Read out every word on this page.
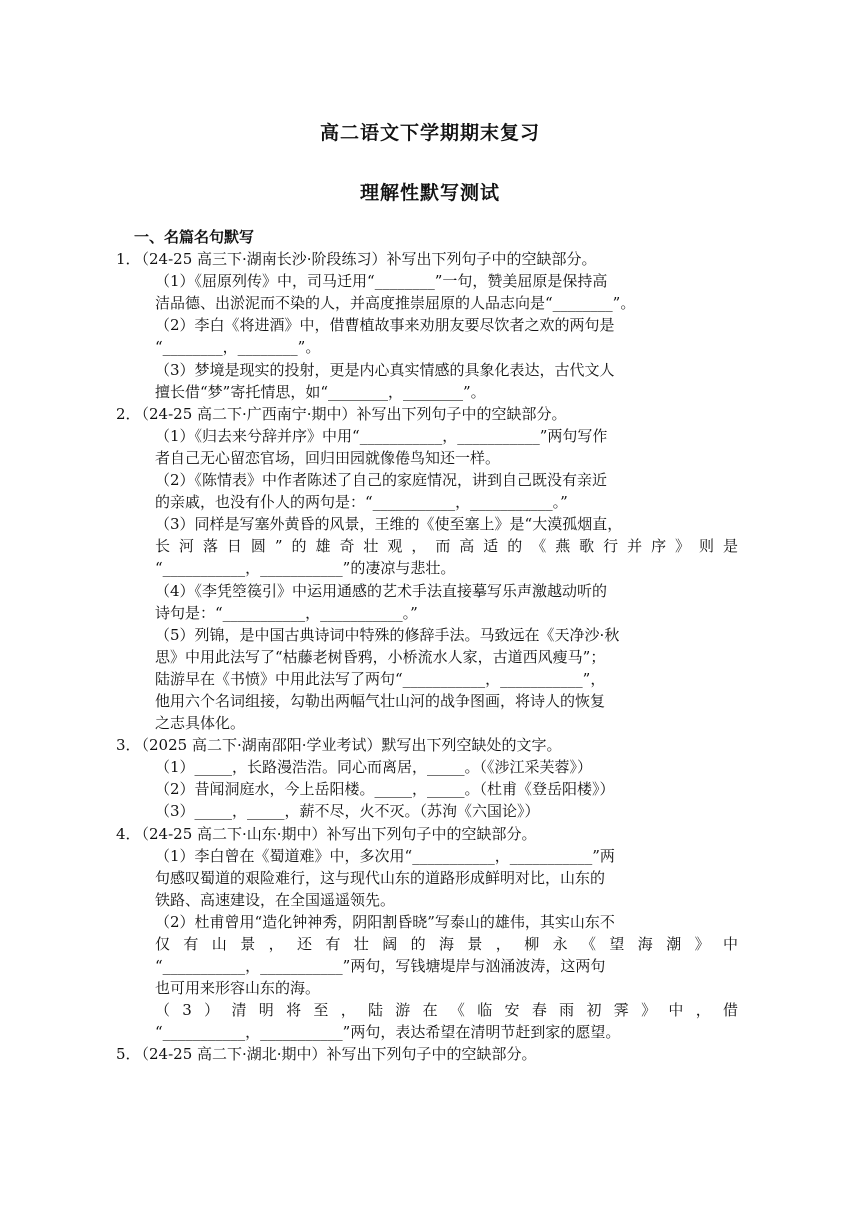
高二语文下学期期末复习
理解性默写测试
一、名篇名句默写
1．
（24-25 高三下·湖南长沙·阶段练习）补写出下列句子中的空缺部分。
（1）《屈原列传》中，司马迁用“________”一句，赞美屈原是保持高
洁品德、出淤泥而不染的人，并高度推崇屈原的人品志向是“________”。
（2）李白《将进酒》中，借曹植故事来劝朋友要尽饮者之欢的两句是
“________，________”。
（3）梦境是现实的投射，更是内心真实情感的具象化表达，古代文人
擅长借“梦”寄托情思，如“________，________”。
2．
（24-25 高二下·广西南宁·期中）补写出下列句子中的空缺部分。
（1）《归去来兮辞并序》中用“___________，___________”两句写作
者自己无心留恋官场，回归田园就像倦鸟知还一样。
（2）《陈情表》中作者陈述了自己的家庭情况，讲到自己既没有亲近
的亲戚，也没有仆人的两句是：“___________，___________。”
（3）同样是写塞外黄昏的风景，王维的《使至塞上》是“大漠孤烟直，
长河落日圆”的雄奇壮观，而高适的《燕歌行并序》则是
“___________，___________”的凄凉与悲壮。
（4）《李凭箜篌引》中运用通感的艺术手法直接摹写乐声激越动听的
诗句是：“___________，___________。”
（5）列锦，是中国古典诗词中特殊的修辞手法。马致远在《天净沙·秋
思》中用此法写了“枯藤老树昏鸦，小桥流水人家，古道西风瘦马”；
陆游早在《书愤》中用此法写了两句“___________，___________”，
他用六个名词组接，勾勒出两幅气壮山河的战争图画，将诗人的恢复
之志具体化。
3．
（2025 高二下·湖南邵阳·学业考试）默写出下列空缺处的文字。
（1）_____，长路漫浩浩。同心而离居，_____。（《涉江采芙蓉》）
（2）昔闻洞庭水，今上岳阳楼。_____，_____。（杜甫《登岳阳楼》）
（3）_____，_____，薪不尽，火不灭。（苏洵《六国论》）
4．
（24-25 高二下·山东·期中）补写出下列句子中的空缺部分。
（1）李白曾在《蜀道难》中，多次用“___________，___________”两
句感叹蜀道的艰险难行，这与现代山东的道路形成鲜明对比，山东的
铁路、高速建设，在全国遥遥领先。
（2）杜甫曾用“造化钟神秀，阴阳割昏晓”写泰山的雄伟，其实山东不
仅有山景，还有壮阔的海景，柳永《望海潮》中
“___________，___________”两句，写钱塘堤岸与汹涌波涛，这两句
也可用来形容山东的海。
（3）清明将至，陆游在《临安春雨初霁》中，借
“___________，___________”两句，表达希望在清明节赶到家的愿望。
5．
（24-25 高二下·湖北·期中）补写出下列句子中的空缺部分。
